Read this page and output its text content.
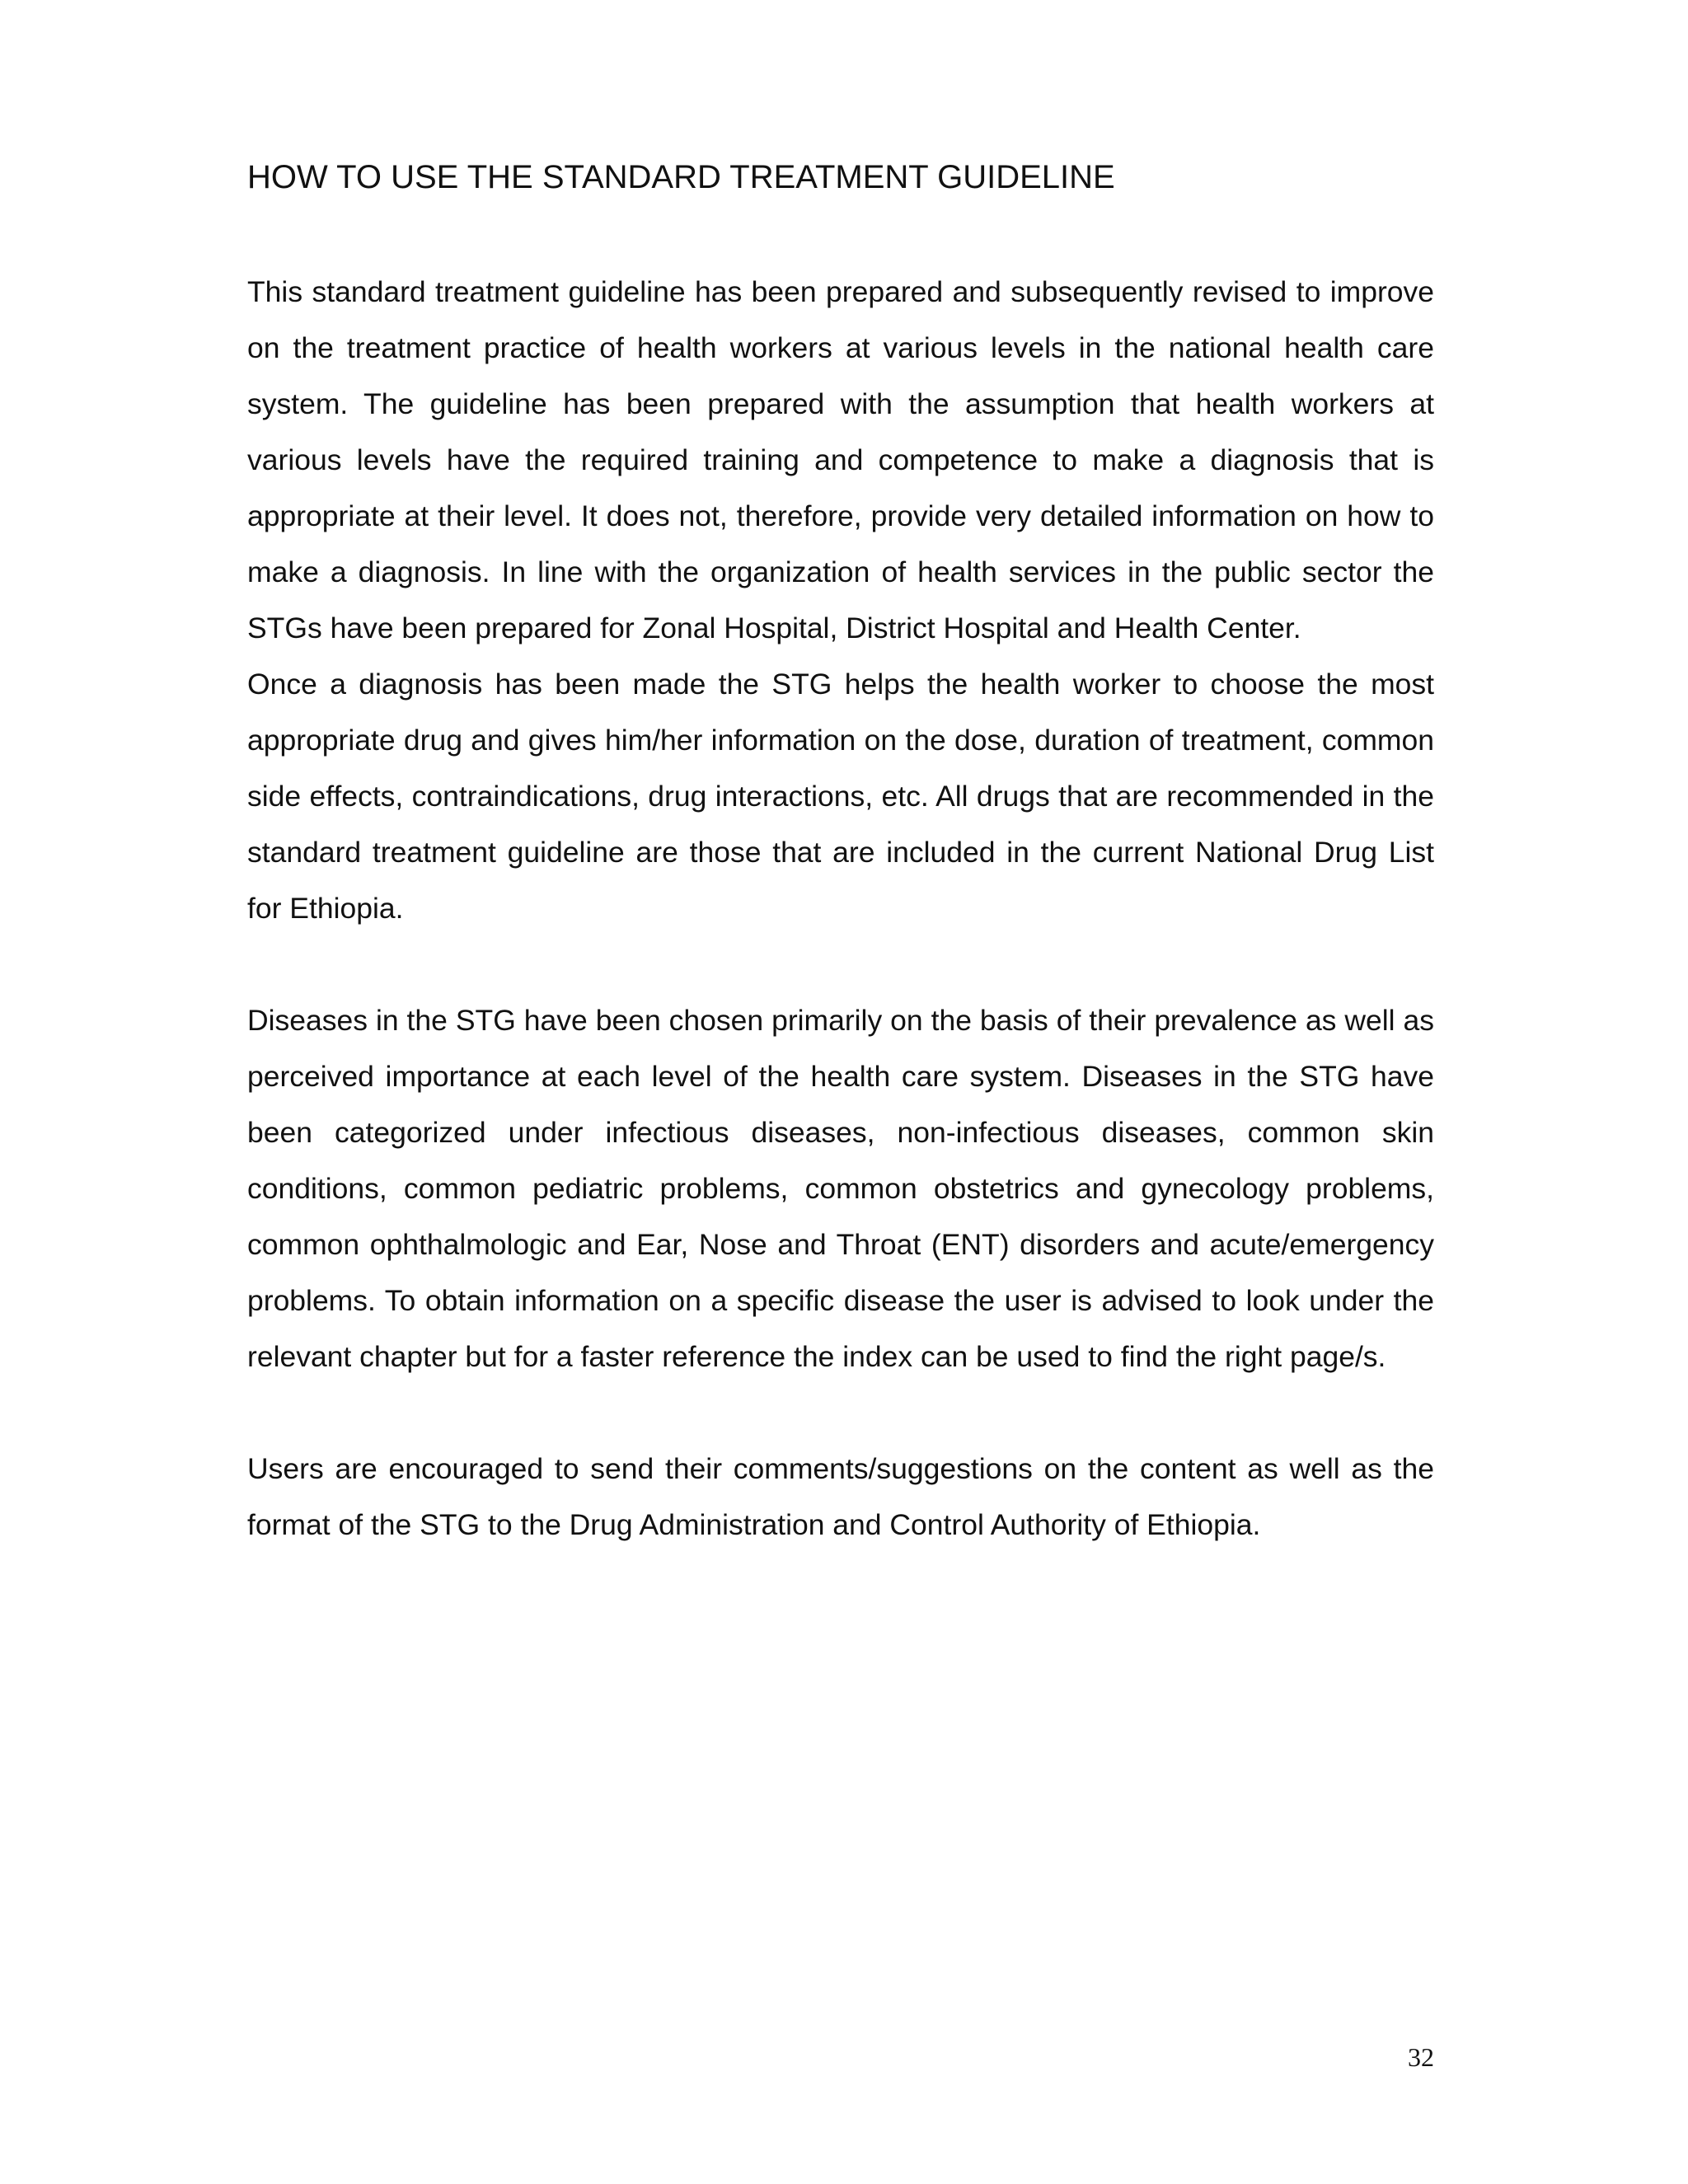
HOW TO USE THE STANDARD TREATMENT GUIDELINE

This standard treatment guideline has been prepared and subsequently revised to improve on the treatment practice of health workers at various levels in the national health care system. The guideline has been prepared with the assumption that health workers at various levels have the required training and competence to make a diagnosis that is appropriate at their level. It does not, therefore, provide very detailed information on how to make a diagnosis. In line with the organization of health services in the public sector the STGs have been prepared for Zonal Hospital, District Hospital and Health Center.

Once a diagnosis has been made the STG helps the health worker to choose the most appropriate drug and gives him/her information on the dose, duration of treatment, common side effects, contraindications, drug interactions, etc. All drugs that are recommended in the standard treatment guideline are those that are included in the current National Drug List for Ethiopia.

Diseases in the STG have been chosen primarily on the basis of their prevalence as well as perceived importance at each level of the health care system. Diseases in the STG have been categorized under infectious diseases, non-infectious diseases, common skin conditions, common pediatric problems, common obstetrics and gynecology problems, common ophthalmologic and Ear, Nose and Throat (ENT) disorders and acute/emergency problems. To obtain information on a specific disease the user is advised to look under the relevant chapter but for a faster reference the index can be used to find the right page/s.

Users are encouraged to send their comments/suggestions on the content as well as the format of the STG to the Drug Administration and Control Authority of Ethiopia.

32
